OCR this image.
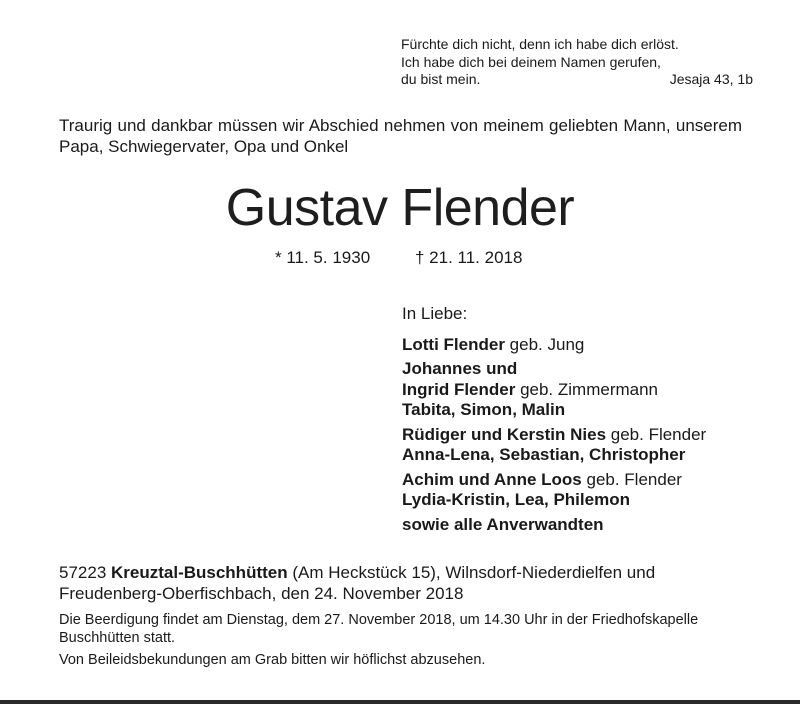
Fürchte dich nicht, denn ich habe dich erlöst.
Ich habe dich bei deinem Namen gerufen,
du bist mein.	Jesaja 43, 1b
Traurig und dankbar müssen wir Abschied nehmen von meinem geliebten Mann, unserem Papa, Schwiegervater, Opa und Onkel
Gustav Flender
* 11. 5. 1930	† 21. 11. 2018
In Liebe:
Lotti Flender geb. Jung
Johannes und
Ingrid Flender geb. Zimmermann
Tabita, Simon, Malin
Rüdiger und Kerstin Nies geb. Flender
Anna-Lena, Sebastian, Christopher
Achim und Anne Loos geb. Flender
Lydia-Kristin, Lea, Philemon
sowie alle Anverwandten
57223 Kreuztal-Buschhütten (Am Heckstück 15), Wilnsdorf-Niederdielfen und
Freudenberg-Oberfischbach, den 24. November 2018
Die Beerdigung findet am Dienstag, dem 27. November 2018, um 14.30 Uhr in der Friedhofskapelle
Buschhütten statt.
Von Beileidsbekundungen am Grab bitten wir höflichst abzusehen.
